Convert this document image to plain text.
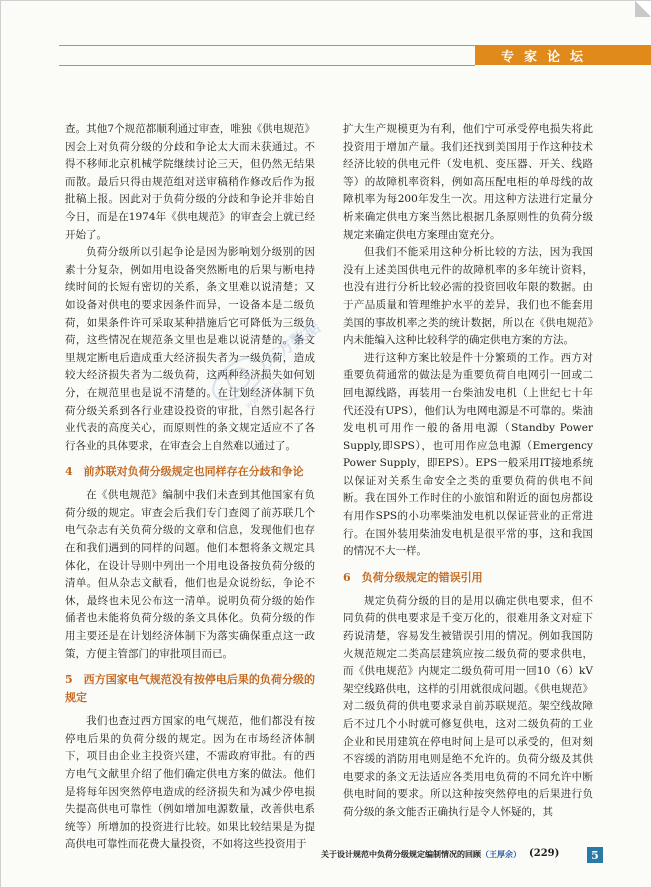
专家论坛

查。其他7个规范都顺利通过审查，唯独《供电规范》因会上对负荷分级的分歧和争论太大而未获通过。不得不移师北京机械学院继续讨论三天，但仍然无结果而散。最后只得由规范组对送审稿稍作修改后作为报批稿上报。因此对于负荷分级的分歧和争论并非始自今日，而是在1974年《供电规范》的审查会上就已经开始了。

负荷分级所以引起争论是因为影响划分级别的因素十分复杂，例如用电设备突然断电的后果与断电持续时间的长短有密切的关系，条文里难以说清楚；又如设备对供电的要求因条件而异，一设备本是二级负荷，如果条件许可采取某种措施后它可降低为三级负荷，这些情况在规范条文里也是难以说清楚的。条文里规定断电后造成重大经济损失者为一级负荷，造成较大经济损失者为二级负荷，这两种经济损失如何划分，在规范里也是说不清楚的。在计划经济体制下负荷分级关系到各行业建设投资的审批，自然引起各行业代表的高度关心，而原则性的条文规定适应不了各行各业的具体要求，在审查会上自然难以通过了。

4　前苏联对负荷分级规定也同样存在分歧和争论

在《供电规范》编制中我们未查到其他国家有负荷分级的规定。审查会后我们专门查阅了前苏联几个电气杂志有关负荷分级的文章和信息，发现他们也存在和我们遇到的同样的问题。他们本想将条文规定具体化，在设计导则中列出一个用电设备按负荷分级的清单。但从杂志文献看，他们也是众说纷纭，争论不休，最终也未见公布这一清单。说明负荷分级的始作俑者也未能将负荷分级的条文具体化。负荷分级的作用主要还是在计划经济体制下为落实确保重点这一政策，方便主管部门的审批项目而已。

5　西方国家电气规范没有按停电后果的负荷分级的规定

我们也查过西方国家的电气规范，他们都没有按停电后果的负荷分级的规定。因为在市场经济体制下，项目由企业主投资兴建，不需政府审批。有的西方电气文献里介绍了他们确定供电方案的做法。他们是将每年因突然停电造成的经济损失和为减少停电损失提高供电可靠性（例如增加电源数量，改善供电系统等）所增加的投资进行比较。如果比较结果是为提高供电可靠性而花费大量投资，不如将这些投资用于

扩大生产规模更为有利，他们宁可承受停电损失将此投资用于增加产量。我们还找到美国用于作这种技术经济比较的供电元件（发电机、变压器、开关、线路等）的故障机率资料，例如高压配电柜的单母线的故障机率为每200年发生一次。用这种方法进行定量分析来确定供电方案当然比根据几条原则性的负荷分级规定来确定供电方案理由宽充分。

但我们不能采用这种分析比较的方法，因为我国没有上述美国供电元件的故障机率的多年统计资料，也没有进行分析比较必需的投资回收年限的数据。由于产品质量和管理维护水平的差异，我们也不能套用美国的事故机率之类的统计数据，所以在《供电规范》内未能编入这种比较科学的确定供电方案的方法。

进行这种方案比较是件十分繁琐的工作。西方对重要负荷通常的做法是为重要负荷自电网引一回或二回电源线路，再装用一台柴油发电机（上世纪七十年代还没有UPS），他们认为电网电源是不可靠的。柴油发电机可用作一般的备用电源（Standby Power Supply,即SPS），也可用作应急电源（Emergency Power Supply，即EPS）。EPS一般采用IT接地系统以保证对关系生命安全之类的重要负荷的供电不间断。我在国外工作时住的小旅馆和附近的面包房都设有用作SPS的小功率柴油发电机以保证营业的正常进行。在国外装用柴油发电机是很平常的事，这和我国的情况不大一样。

6　负荷分级规定的错误引用

规定负荷分级的目的是用以确定供电要求，但不同负荷的供电要求是千变万化的，很难用条文对症下药说清楚，容易发生被错误引用的情况。例如我国防火规范规定二类高层建筑应按二级负荷的要求供电，而《供电规范》内规定二级负荷可用一回10（6）kV架空线路供电，这样的引用就很成问题。《供电规范》对二级负荷的供电要求录自前苏联规范。架空线故障后不过几个小时就可修复供电，这对二级负荷的工业企业和民用建筑在停电时间上是可以承受的，但对刻不容缓的消防用电则是绝不允许的。负荷分级及其供电要求的条文无法适应各类用电负荷的不同允许中断供电时间的要求。所以这种按突然停电的后果进行负荷分级的条文能否正确执行是令人怀疑的，其

万方数据
www.cnki.net
关于设计规范中负荷分级规定编制情况的回顾（王厚余） (229)	5
